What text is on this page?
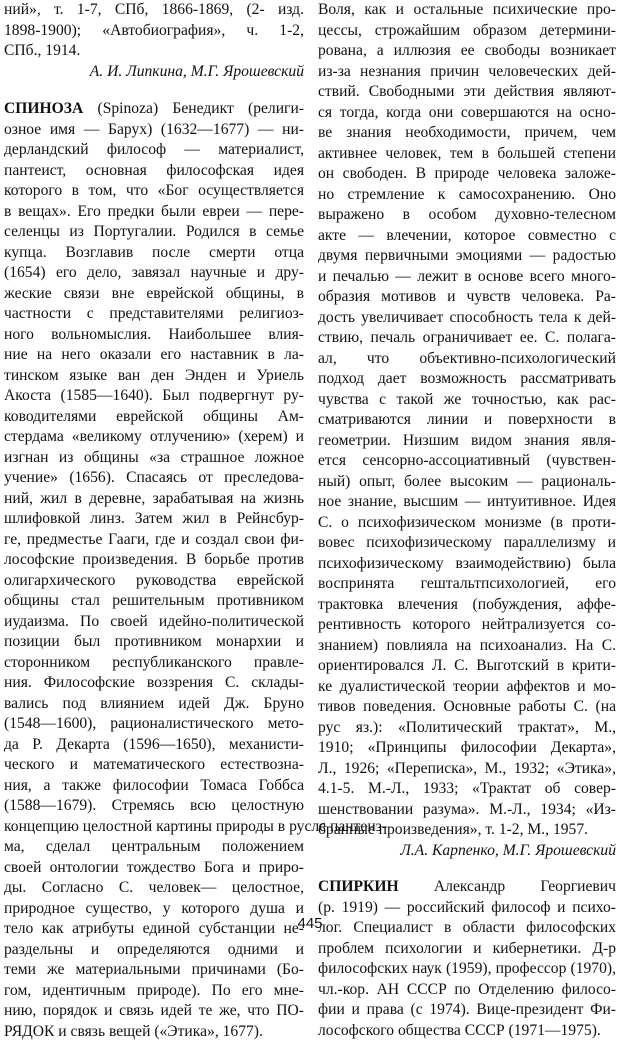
ний», т. 1-7, СПб, 1866-1869, (2- изд.
1898-1900); «Автобиография», ч. 1-2,
СПб., 1914.
А. И. Липкина, М.Г. Ярошевский
СПИНОЗА (Spinoza) Бенедикт (религи-
озное имя — Барух) (1632—1677) — ни-
дерландский философ — материалист,
пантеист, основная философская идея
которого в том, что «Бог осуществляется
в вещах». Его предки были евреи — пере-
селенцы из Португалии. Родился в семье
купца. Возглавив после смерти отца
(1654) его дело, завязал научные и дру-
жеские связи вне еврейской общины, в
частности с представителями религиоз-
ного вольномыслия. Наибольшее влия-
ние на него оказали его наставник в ла-
тинском языке ван ден Энден и Уриель
Акоста (1585—1640). Был подвергнут ру-
ководителями еврейской общины Ам-
стердама «великому отлучению» (херем) и
изгнан из общины «за страшное ложное
учение» (1656). Спасаясь от преследова-
ний, жил в деревне, зарабатывая на жизнь
шлифовкой линз. Затем жил в Рейнсбур-
ге, предместье Гааги, где и создал свои фи-
лософские произведения. В борьбе против
олигархического руководства еврейской
общины стал решительным противником
иудаизма. По своей идейно-политической
позиции был противником монархии и
сторонником республиканского правле-
ния. Философские воззрения С. склады-
вались под влиянием идей Дж. Бруно
(1548—1600), рационалистического мето-
да Р. Декарта (1596—1650), механисти-
ческого и математического естествозна-
ния, а также философии Томаса Гоббса
(1588—1679). Стремясь всю целостную
концепцию целостной картины природы в русле пантеиз-
ма, сделал центральным положением
своей онтологии тождество Бога и приро-
ды. Согласно С. человек— целостное,
природное существо, у которого душа и
тело как атрибуты единой субстанции не-
раздельны и определяются одними и
теми же материальными причинами (Бо-
гом, идентичным природе). По его мне-
нию, порядок и связь идей те же, что ПО-
РЯДОК и связь вещей («Этика», 1677).
Воля, как и остальные психические про-
цессы, строжайшим образом детермини-
рована, а иллюзия ее свободы возникает
из-за незнания причин человеческих дей-
ствий. Свободными эти действия являют-
ся тогда, когда они совершаются на осно-
ве знания необходимости, причем, чем
активнее человек, тем в большей степени
он свободен. В природе человека заложе-
но стремление к самосохранению. Оно
выражено в особом духовно-телесном
акте — влечении, которое совместно с
двумя первичными эмоциями — радостью
и печалью — лежит в основе всего много-
образия мотивов и чувств человека. Ра-
дость увеличивает способность тела к дей-
ствию, печаль ограничивает ее. С. полага-
ал, что объективно-психологический
подход дает возможность рассматривать
чувства с такой же точностью, как рас-
сматриваются линии и поверхности в
геометрии. Низшим видом знания явля-
ется сенсорно-ассоциативный (чувствен-
ный) опыт, более высоким — рациональ-
ное знание, высшим — интуитивное. Идея
С. о психофизическом монизме (в проти-
вовес психофизическому параллелизму и
психофизическому взаимодействию) была
воспринята гештальтпсихологией, его
трактовка влечения (побуждения, аффе-
рентивность которого нейтрализуется со-
знанием) повлияла на психоанализ. На С.
ориентировался Л. С. Выготский в крити-
ке дуалистической теории аффектов и мо-
тивов поведения. Основные работы С. (на
рус яз.): «Политический трактат», М.,
1910; «Принципы философии Декарта»,
Л., 1926; «Переписка», М., 1932; «Этика»,
4.1-5. М.-Л., 1933; «Трактат об совер-
шенствовании разума». М.-Л., 1934; «Из-
бранные произведения», т. 1-2, М., 1957.
Л.А. Карпенко, М.Г. Ярошевский
СПИРКИН Александр Георгиевич
(р. 1919) — российский философ и психо-
лог. Специалист в области философских
проблем психологии и кибернетики. Д-р
философских наук (1959), профессор (1970),
чл.-кор. АН СССР по Отделению филосо-
фии и права (с 1974). Вице-президент Фи-
лософского общества СССР (1971—1975).
445
